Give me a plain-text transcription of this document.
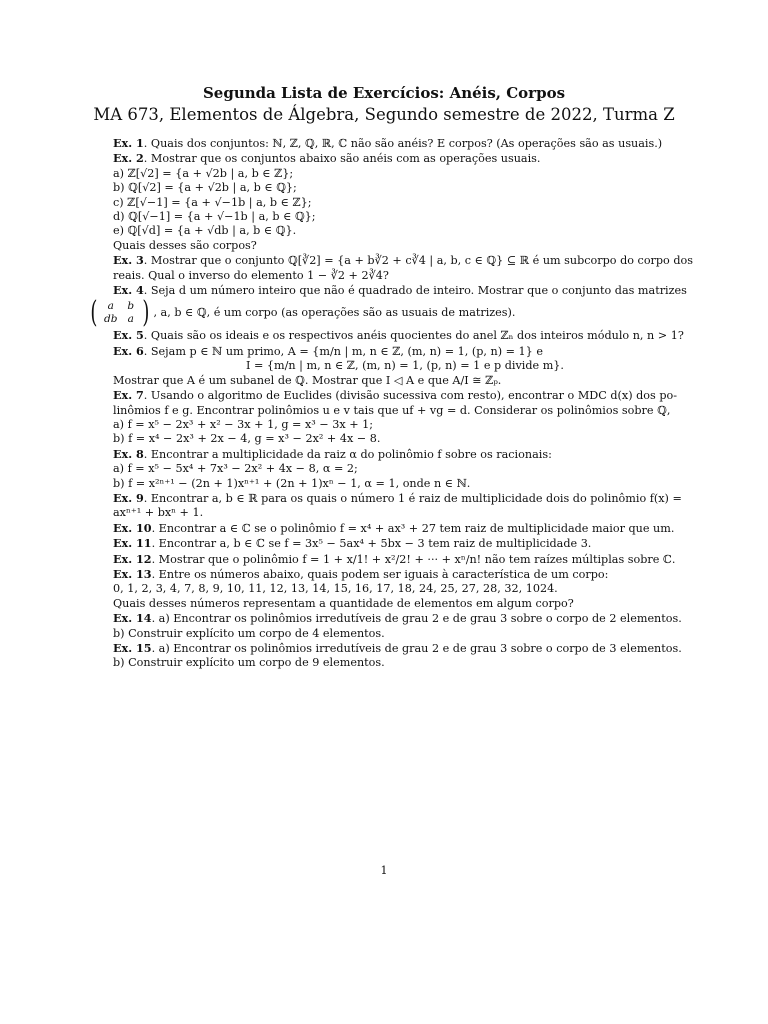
Segunda Lista de Exercícios: Anéis, Corpos
MA 673, Elementos de Álgebra, Segundo semestre de 2022, Turma Z

Ex. 1. Quais dos conjuntos: ℕ, ℤ, ℚ, ℝ, ℂ não são anéis? E corpos? (As operações são as usuais.)

Ex. 2. Mostrar que os conjuntos abaixo são anéis com as operações usuais.

a) ℤ[√2] = {a + √2b | a, b ∈ ℤ};

b) ℚ[√2] = {a + √2b | a, b ∈ ℚ};

c) ℤ[√−1] = {a + √−1b | a, b ∈ ℤ};

d) ℚ[√−1] = {a + √−1b | a, b ∈ ℚ};

e) ℚ[√d] = {a + √db | a, b ∈ ℚ}.

Quais desses são corpos?

Ex. 3. Mostrar que o conjunto ℚ[∛2] = {a + b∛2 + c∛4 | a, b, c ∈ ℚ} ⊆ ℝ é um subcorpo do corpo dos

reais. Qual o inverso do elemento 1 − ∛2 + 2∛4?

Ex. 4. Seja d um número inteiro que não é quadrado de inteiro. Mostrar que o conjunto das matrizes

( a	b
db a ) , a, b ∈ ℚ, é um corpo (as operações são as usuais de matrizes).

Ex. 5. Quais são os ideais e os respectivos anéis quocientes do anel ℤₙ dos inteiros módulo n, n > 1?

Ex. 6. Sejam p ∈ ℕ um primo, A = {m/n | m, n ∈ ℤ, (m, n) = 1, (p, n) = 1} e

I = {m/n | m, n ∈ ℤ, (m, n) = 1, (p, n) = 1 e p divide m}.

Mostrar que A é um subanel de ℚ. Mostrar que I ◁ A e que A/I ≅ ℤₚ.

Ex. 7. Usando o algoritmo de Euclides (divisão sucessiva com resto), encontrar o MDC d(x) dos po-

linômios f e g. Encontrar polinômios u e v tais que uf + vg = d. Considerar os polinômios sobre ℚ,

a) f = x⁵ − 2x³ + x² − 3x + 1, g = x³ − 3x + 1;

b) f = x⁴ − 2x³ + 2x − 4, g = x³ − 2x² + 4x − 8.

Ex. 8. Encontrar a multiplicidade da raiz α do polinômio f sobre os racionais:

a) f = x⁵ − 5x⁴ + 7x³ − 2x² + 4x − 8, α = 2;

b) f = x²ⁿ⁺¹ − (2n + 1)xⁿ⁺¹ + (2n + 1)xⁿ − 1, α = 1, onde n ∈ ℕ.

Ex. 9. Encontrar a, b ∈ ℝ para os quais o número 1 é raiz de multiplicidade dois do polinômio f(x) =

axⁿ⁺¹ + bxⁿ + 1.

Ex. 10. Encontrar a ∈ ℂ se o polinômio f = x⁴ + ax³ + 27 tem raiz de multiplicidade maior que um.

Ex. 11. Encontrar a, b ∈ ℂ se f = 3x⁵ − 5ax⁴ + 5bx − 3 tem raiz de multiplicidade 3.

Ex. 12. Mostrar que o polinômio f = 1 + x/1! + x²/2! + ··· + xⁿ/n! não tem raízes múltiplas sobre ℂ.

Ex. 13. Entre os números abaixo, quais podem ser iguais à característica de um corpo:

0, 1, 2, 3, 4, 7, 8, 9, 10, 11, 12, 13, 14, 15, 16, 17, 18, 24, 25, 27, 28, 32, 1024.

Quais desses números representam a quantidade de elementos em algum corpo?

Ex. 14. a) Encontrar os polinômios irredutíveis de grau 2 e de grau 3 sobre o corpo de 2 elementos.

b) Construir explícito um corpo de 4 elementos.

Ex. 15. a) Encontrar os polinômios irredutíveis de grau 2 e de grau 3 sobre o corpo de 3 elementos.

b) Construir explícito um corpo de 9 elementos.

1
